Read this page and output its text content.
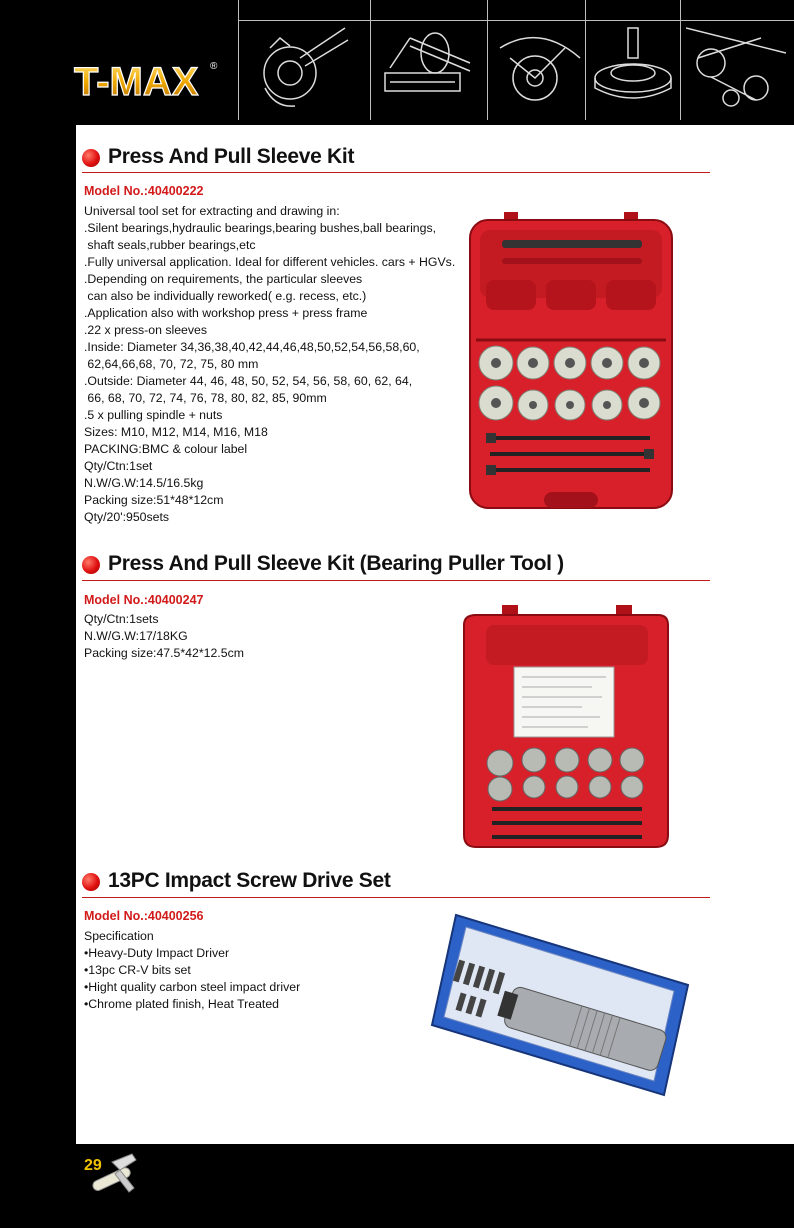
T-MAX ®
Press And Pull Sleeve Kit
Model No.:40400222
Universal tool set for extracting and drawing in:
.Silent bearings,hydraulic bearings,bearing bushes,ball bearings,
shaft seals,rubber bearings,etc
.Fully universal application. Ideal for different vehicles. cars + HGVs.
.Depending on requirements, the particular sleeves
can also be individually reworked( e.g. recess, etc.)
.Application also with workshop press + press frame
.22 x press-on sleeves
.Inside: Diameter 34,36,38,40,42,44,46,48,50,52,54,56,58,60,
62,64,66,68, 70, 72, 75, 80 mm
.Outside: Diameter 44, 46, 48, 50, 52, 54, 56, 58, 60, 62, 64,
66, 68, 70, 72, 74, 76, 78, 80, 82, 85, 90mm
.5 x pulling spindle + nuts
Sizes: M10, M12, M14, M16, M18
PACKING:BMC & colour label
Qty/Ctn:1set
N.W/G.W:14.5/16.5kg
Packing size:51*48*12cm
Qty/20':950sets
Press And Pull Sleeve Kit (Bearing Puller Tool )
Model No.:40400247
Qty/Ctn:1sets
N.W/G.W:17/18KG
Packing size:47.5*42*12.5cm
13PC Impact Screw Drive Set
Model No.:40400256
Specification
•Heavy-Duty Impact Driver
•13pc CR-V bits set
•Hight quality carbon steel impact driver
•Chrome plated finish, Heat Treated
29
